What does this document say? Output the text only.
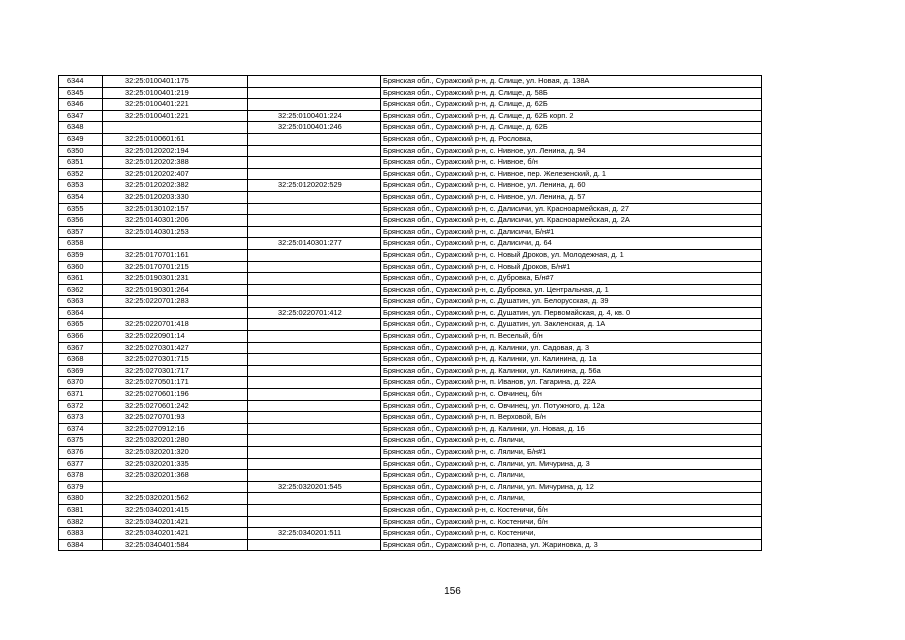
6344	32:25:0100401:175		Брянская обл., Суражский р-н, д. Слище, ул. Новая, д. 138А
6345	32:25:0100401:219		Брянская обл., Суражский р-н, д. Слище, д. 58Б
6346	32:25:0100401:221		Брянская обл., Суражский р-н, д. Слище, д. 62Б
6347	32:25:0100401:221	32:25:0100401:224	Брянская обл., Суражский р-н, д. Слище, д. 62Б корп. 2
6348		32:25:0100401:246	Брянская обл., Суражский р-н, д. Слище, д. 62Б
6349	32:25:0100601:61		Брянская обл., Суражский р-н, д. Рословка,
6350	32:25:0120202:194		Брянская обл., Суражский р-н, с. Нивное, ул. Ленина, д. 94
6351	32:25:0120202:388		Брянская обл., Суражский р-н, с. Нивное, б/н
6352	32:25:0120202:407		Брянская обл., Суражский р-н, с. Нивное, пер. Железенский, д. 1
6353	32:25:0120202:382	32:25:0120202:529	Брянская обл., Суражский р-н, с. Нивное, ул. Ленина, д. 60
6354	32:25:0120203:330		Брянская обл., Суражский р-н, с. Нивное, ул. Ленина, д. 57
6355	32:25:0130102:157		Брянская обл., Суражский р-н, с. Далисичи, ул. Красноармейская, д. 27
6356	32:25:0140301:206		Брянская обл., Суражский р-н, с. Далисичи, ул. Красноармейская, д. 2А
6357	32:25:0140301:253		Брянская обл., Суражский р-н, с. Далисичи, Б/н#1
6358		32:25:0140301:277	Брянская обл., Суражский р-н, с. Далисичи, д. 64
6359	32:25:0170701:161		Брянская обл., Суражский р-н, с. Новый Дроков, ул. Молодежная, д. 1
6360	32:25:0170701:215		Брянская обл., Суражский р-н, с. Новый Дроков, Б/н#1
6361	32:25:0190301:231		Брянская обл., Суражский р-н, с. Дубровка, Б/н#7
6362	32:25:0190301:264		Брянская обл., Суражский р-н, с. Дубровка, ул. Центральная, д. 1
6363	32:25:0220701:283		Брянская обл., Суражский р-н, с. Душатин, ул. Белорусская, д. 39
6364		32:25:0220701:412	Брянская обл., Суражский р-н, с. Душатин, ул. Первомайская, д. 4, кв. 0
6365	32:25:0220701:418		Брянская обл., Суражский р-н, с. Душатин, ул. Закленская, д. 1А
6366	32:25:0220901:14		Брянская обл., Суражский р-н, п. Веселый, б/н
6367	32:25:0270301:427		Брянская обл., Суражский р-н, д. Калинки, ул. Садовая, д. 3
6368	32:25:0270301:715		Брянская обл., Суражский р-н, д. Калинки, ул. Калинина, д. 1а
6369	32:25:0270301:717		Брянская обл., Суражский р-н, д. Калинки, ул. Калинина, д. 56а
6370	32:25:0270501:171		Брянская обл., Суражский р-н, п. Иванов, ул. Гагарина, д. 22А
6371	32:25:0270601:196		Брянская обл., Суражский р-н, с. Овчинец, б/н
6372	32:25:0270601:242		Брянская обл., Суражский р-н, с. Овчинец, ул. Потужного, д. 12а
6373	32:25:0270701:93		Брянская обл., Суражский р-н, п. Верховой, Б/н
6374	32:25:0270912:16		Брянская обл., Суражский р-н, д. Калинки, ул. Новая, д. 16
6375	32:25:0320201:280		Брянская обл., Суражский р-н, с. Ляличи,
6376	32:25:0320201:320		Брянская обл., Суражский р-н, с. Ляличи, Б/н#1
6377	32:25:0320201:335		Брянская обл., Суражский р-н, с. Ляличи, ул. Мичурина, д. 3
6378	32:25:0320201:368		Брянская обл., Суражский р-н, с. Ляличи,
6379		32:25:0320201:545	Брянская обл., Суражский р-н, с. Ляличи, ул. Мичурина, д. 12
6380	32:25:0320201:562		Брянская обл., Суражский р-н, с. Ляличи,
6381	32:25:0340201:415		Брянская обл., Суражский р-н, с. Костеничи, б/н
6382	32:25:0340201:421		Брянская обл., Суражский р-н, с. Костеничи, б/н
6383	32:25:0340201:421	32:25:0340201:511	Брянская обл., Суражский р-н, с. Костеничи,
6384	32:25:0340401:584		Брянская обл., Суражский р-н, с. Лопазна, ул. Жариновка, д. 3
156
